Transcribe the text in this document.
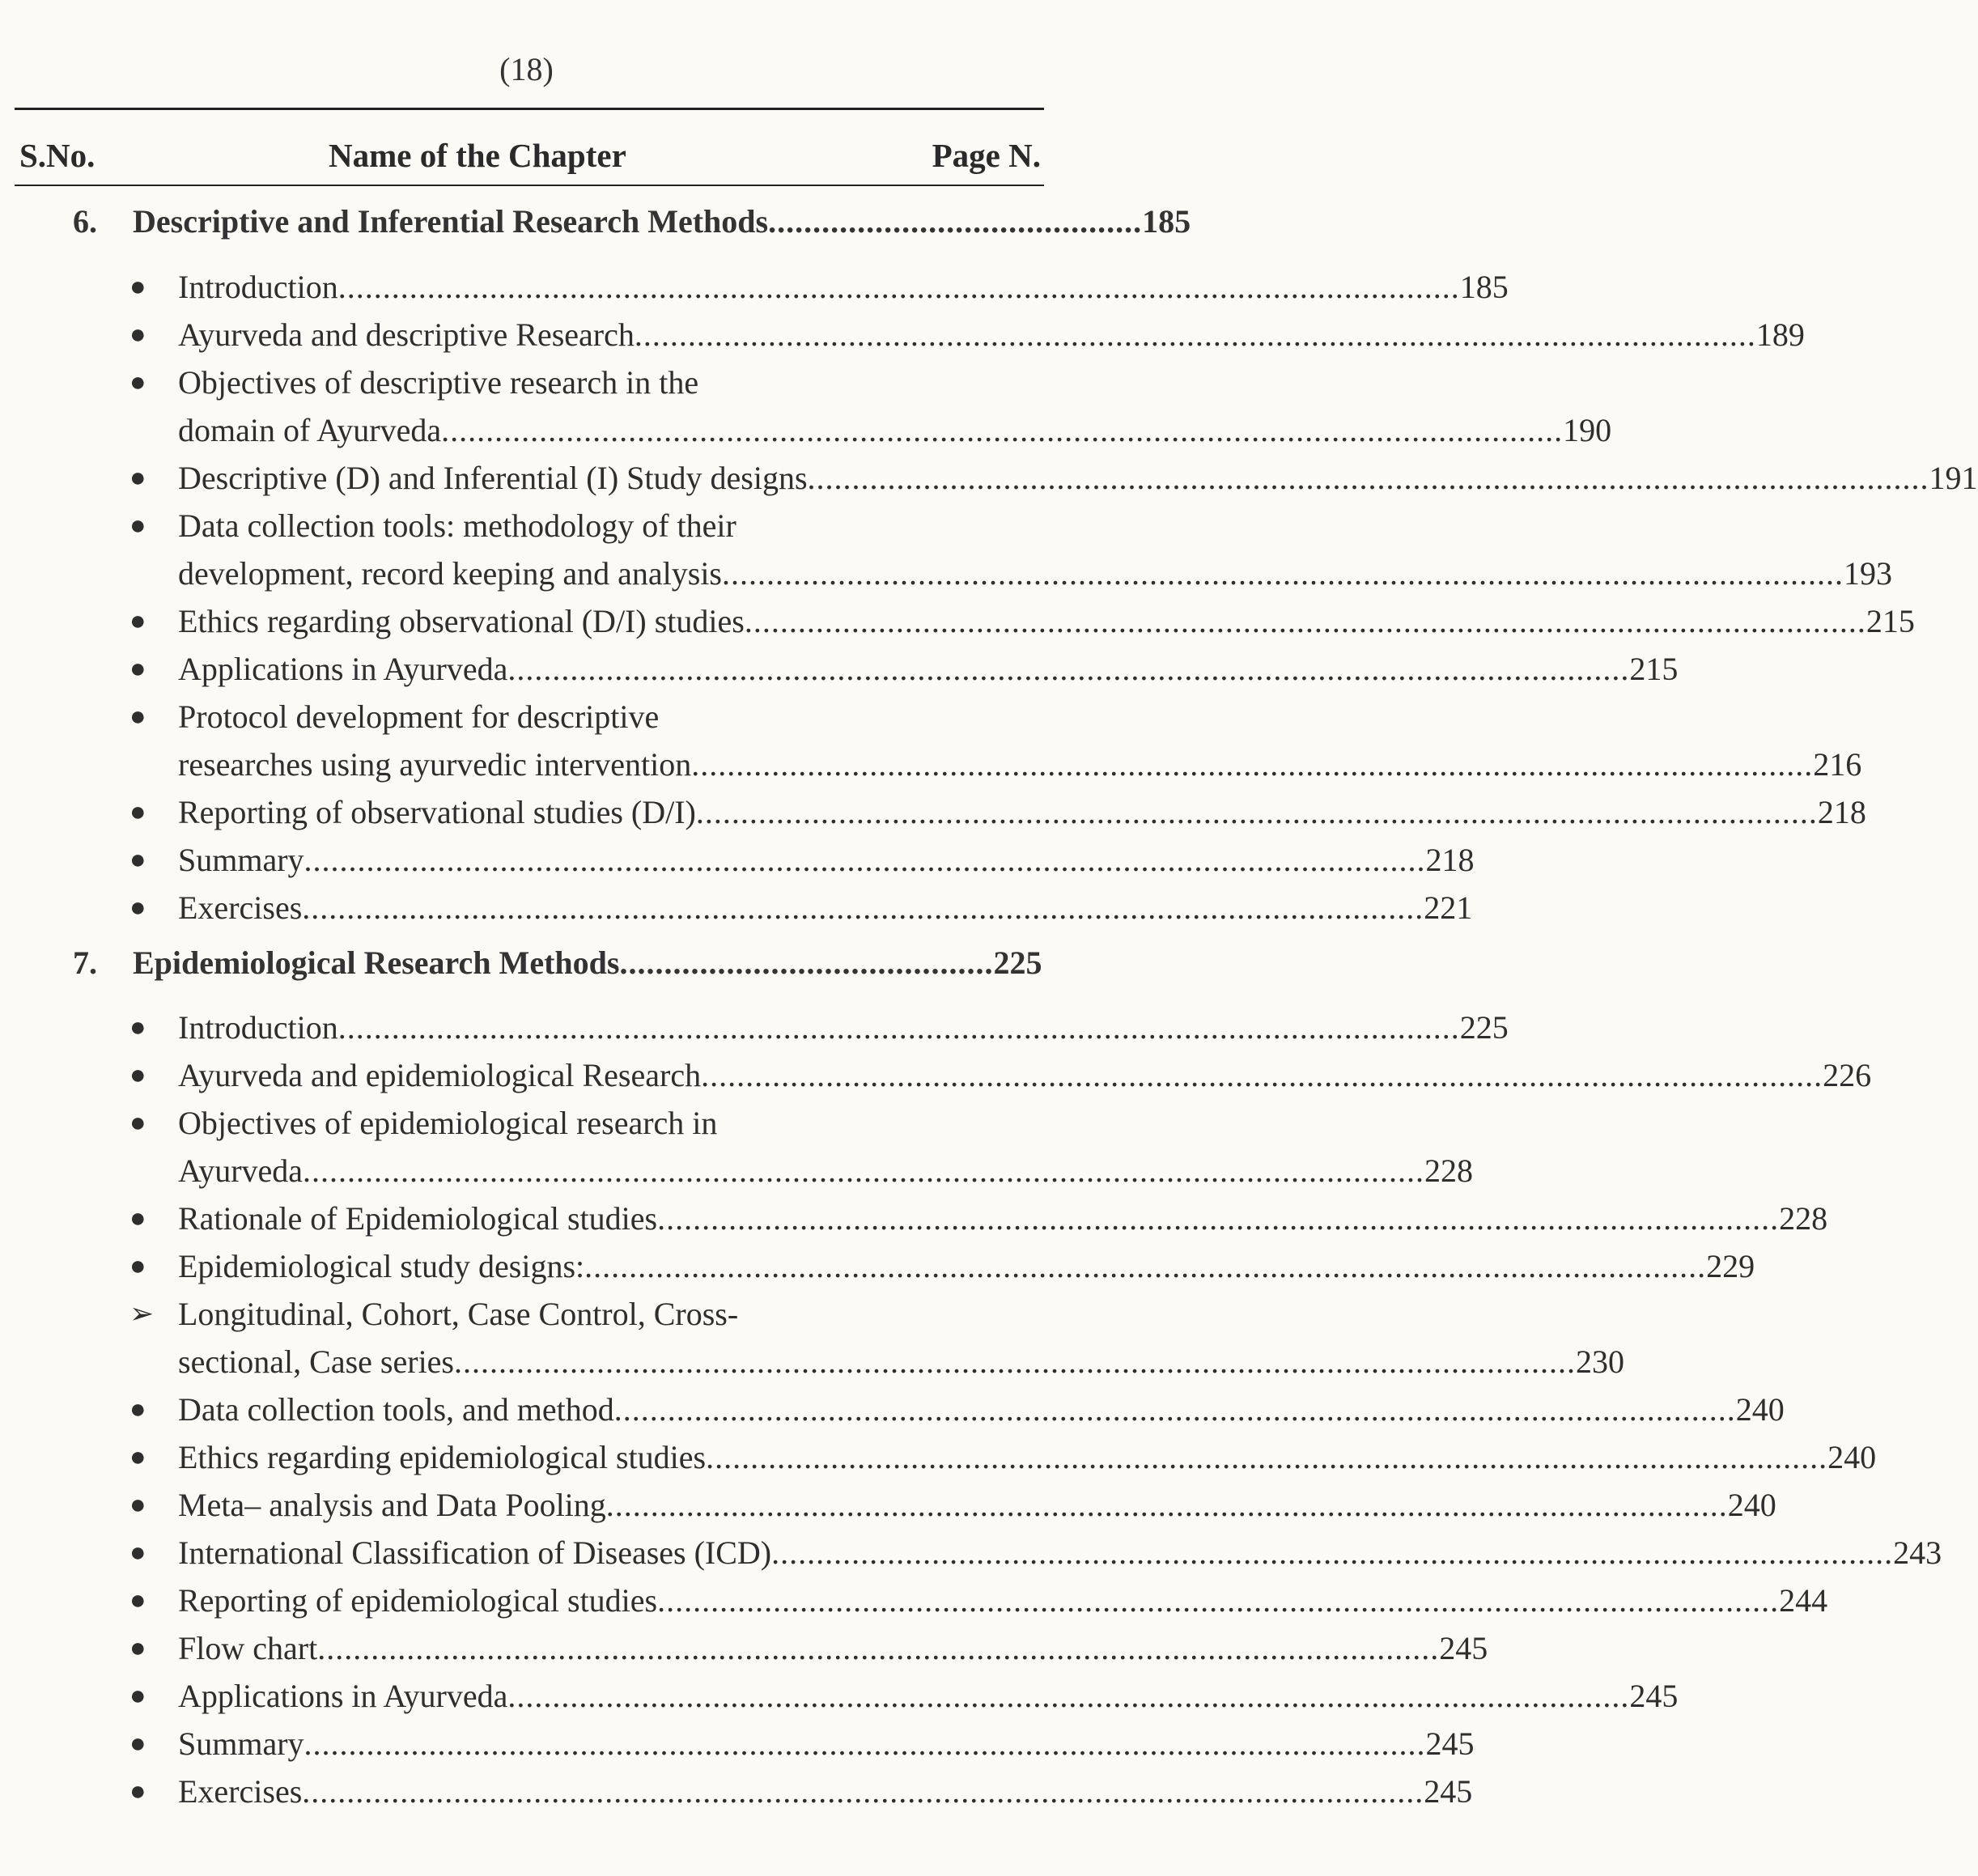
(18)
S.No.	Name of the Chapter	Page N.
6.	Descriptive and Inferential Research Methods .......................................... 185
● Introduction .............................................................................................................................. 185
● Ayurveda and descriptive Research .............................................................................................................................. 189
● Objectives of descriptive research in the
domain of Ayurveda .............................................................................................................................. 190
● Descriptive (D) and Inferential (I) Study designs .............................................................................................................................. 191
● Data collection tools: methodology of their
development, record keeping and analysis .............................................................................................................................. 193
● Ethics regarding observational (D/I) studies .............................................................................................................................. 215
● Applications in Ayurveda .............................................................................................................................. 215
● Protocol development for descriptive
researches using ayurvedic intervention .............................................................................................................................. 216
● Reporting of observational studies (D/I) .............................................................................................................................. 218
● Summary .............................................................................................................................. 218
● Exercises .............................................................................................................................. 221
7.	Epidemiological Research Methods .......................................... 225
● Introduction .............................................................................................................................. 225
● Ayurveda and epidemiological Research .............................................................................................................................. 226
● Objectives of epidemiological research in
Ayurveda .............................................................................................................................. 228
● Rationale of Epidemiological studies .............................................................................................................................. 228
● Epidemiological study designs: .............................................................................................................................. 229
➢ Longitudinal, Cohort, Case Control, Cross-
sectional, Case series .............................................................................................................................. 230
● Data collection tools, and method .............................................................................................................................. 240
● Ethics regarding epidemiological studies .............................................................................................................................. 240
● Meta– analysis and Data Pooling .............................................................................................................................. 240
● International Classification of Diseases (ICD) .............................................................................................................................. 243
● Reporting of epidemiological studies .............................................................................................................................. 244
● Flow chart .............................................................................................................................. 245
● Applications in Ayurveda .............................................................................................................................. 245
● Summary .............................................................................................................................. 245
● Exercises .............................................................................................................................. 245
